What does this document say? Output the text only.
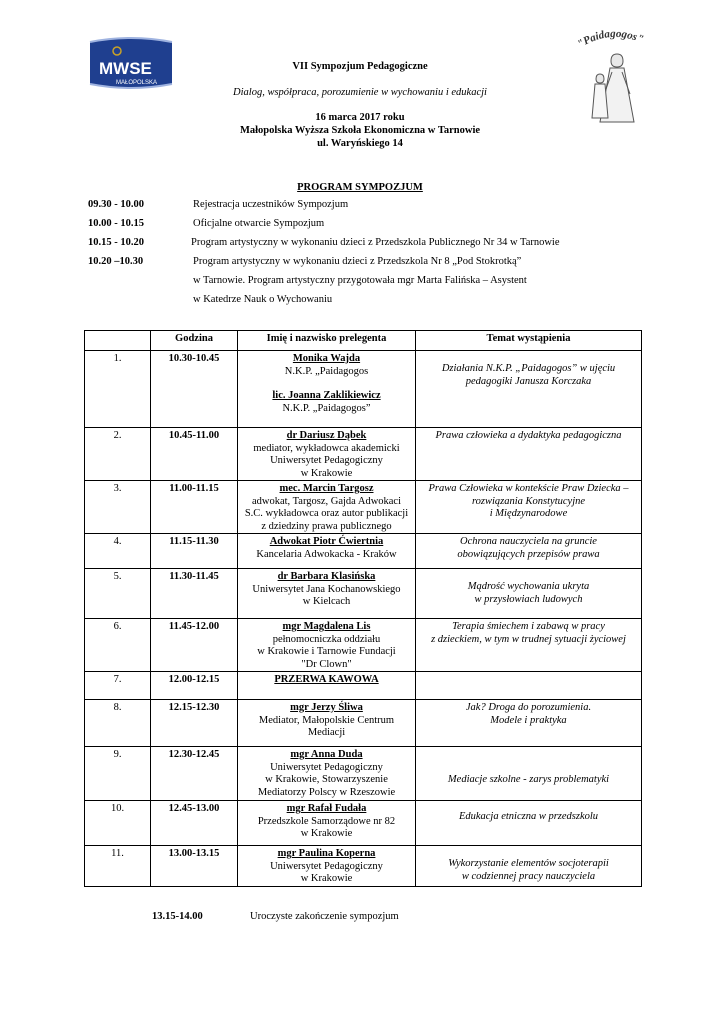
MWSE
MAŁOPOLSKA
"Paidagogos"
VII Sympozjum Pedagogiczne
Dialog, współpraca, porozumienie w wychowaniu i edukacji
16 marca 2017 roku
Małopolska Wyższa Szkoła Ekonomiczna w Tarnowie
ul. Waryńskiego 14
PROGRAM SYMPOZJUM
09.30 - 10.00	Rejestracja uczestników Sympozjum
10.00 - 10.15	Oficjalne otwarcie Sympozjum
10.15 - 10.20	Program artystyczny w wykonaniu dzieci z Przedszkola Publicznego Nr 34 w Tarnowie
10.20 –10.30	Program artystyczny w wykonaniu dzieci z Przedszkola Nr 8 „Pod Stokrotką”
w Tarnowie. Program artystyczny przygotowała mgr Marta Falińska – Asystent
w Katedrze Nauk o Wychowaniu
	Godzina	Imię i nazwisko prelegenta	Temat wystąpienia
1.	10.30-10.45	Monika Wajda
N.K.P. „Paidagogos
lic. Joanna Zaklikiewicz
N.K.P. „Paidagogos”	Działania N.K.P. „Paidagogos” w ujęciu
pedagogiki Janusza Korczaka

2.	10.45-11.00	dr Dariusz Dąbek
mediator, wykładowca akademicki
Uniwersytet Pedagogiczny
w Krakowie	Prawa człowieka a dydaktyka pedagogiczna

3.	11.00-11.15	mec. Marcin Targosz
adwokat, Targosz, Gajda Adwokaci
S.C. wykładowca oraz autor publikacji
z dziedziny prawa publicznego	Prawa Człowieka w kontekście Praw Dziecka –
rozwiązania Konstytucyjne
i Międzynarodowe

4.	11.15-11.30	Adwokat Piotr Ćwiertnia
Kancelaria Adwokacka - Kraków	Ochrona nauczyciela na gruncie
obowiązujących przepisów prawa

5.	11.30-11.45	dr Barbara Klasińska
Uniwersytet Jana Kochanowskiego
w Kielcach	Mądrość wychowania ukryta
w przysłowiach ludowych

6.	11.45-12.00	mgr Magdalena Lis
pełnomocniczka oddziału
w Krakowie i Tarnowie Fundacji
"Dr Clown"	Terapia śmiechem i zabawą w pracy
z dzieckiem, w tym w trudnej sytuacji życiowej

7.	12.00-12.15	PRZERWA KAWOWA	

8.	12.15-12.30	mgr Jerzy Śliwa
Mediator, Małopolskie Centrum
Mediacji	Jak? Droga do porozumienia.
Modele i praktyka

9.	12.30-12.45	mgr Anna Duda
Uniwersytet Pedagogiczny
w Krakowie, Stowarzyszenie
Mediatorzy Polscy w Rzeszowie	Mediacje szkolne - zarys problematyki

10.	12.45-13.00	mgr Rafał Fudała
Przedszkole Samorządowe nr 82
w Krakowie	Edukacja etniczna w przedszkolu

11.	13.00-13.15	mgr Paulina Koperna
Uniwersytet Pedagogiczny
w Krakowie	Wykorzystanie elementów socjoterapii
w codziennej pracy nauczyciela
13.15-14.00	Uroczyste zakończenie sympozjum
